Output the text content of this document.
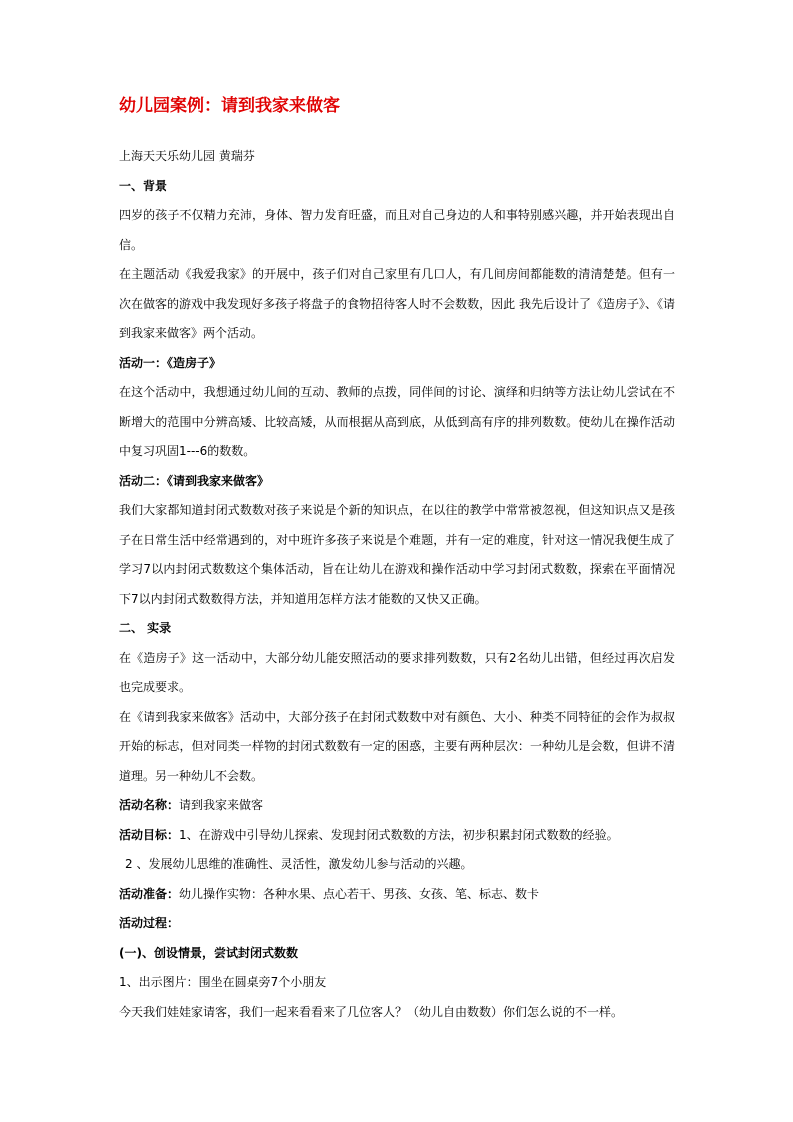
幼儿园案例：请到我家来做客

上海天天乐幼儿园 黄瑞芬

一、背景

四岁的孩子不仅精力充沛，身体、智力发育旺盛，而且对自己身边的人和事特别感兴趣，并开始表现出自信。

在主题活动《我爱我家》的开展中，孩子们对自己家里有几口人，有几间房间都能数的清清楚楚。但有一次在做客的游戏中我发现好多孩子将盘子的食物招待客人时不会数数，因此 我先后设计了《造房子》、《请到我家来做客》两个活动。

活动一：《造房子》

在这个活动中，我想通过幼儿间的互动、教师的点拨，同伴间的讨论、演绎和归纳等方法让幼儿尝试在不断增大的范围中分辨高矮、比较高矮，从而根据从高到底，从低到高有序的排列数数。使幼儿在操作活动中复习巩固1---6的数数。

活动二：《请到我家来做客》

我们大家都知道封闭式数数对孩子来说是个新的知识点，在以往的教学中常常被忽视，但这知识点又是孩子在日常生活中经常遇到的，对中班许多孩子来说是个难题，并有一定的难度，针对这一情况我便生成了学习7以内封闭式数数这个集体活动，旨在让幼儿在游戏和操作活动中学习封闭式数数，探索在平面情况下7以内封闭式数数得方法，并知道用怎样方法才能数的又快又正确。

二、 实录

在《造房子》这一活动中，大部分幼儿能安照活动的要求排列数数，只有2名幼儿出错，但经过再次启发也完成要求。

在《请到我家来做客》活动中，大部分孩子在封闭式数数中对有颜色、大小、种类不同特征的会作为叔叔开始的标志，但对同类一样物的封闭式数数有一定的困惑，主要有两种层次：一种幼儿是会数，但讲不清道理。另一种幼儿不会数。

活动名称：请到我家来做客

活动目标：1、在游戏中引导幼儿探索、发现封闭式数数的方法，初步积累封闭式数数的经验。

2 、发展幼儿思维的准确性、灵活性，激发幼儿参与活动的兴趣。

活动准备：幼儿操作实物：各种水果、点心若干、男孩、女孩、笔、标志、数卡

活动过程：

(一)、创设情景，尝试封闭式数数

1、出示图片：围坐在圆桌旁7个小朋友

今天我们娃娃家请客，我们一起来看看来了几位客人？（幼儿自由数数）你们怎么说的不一样。
